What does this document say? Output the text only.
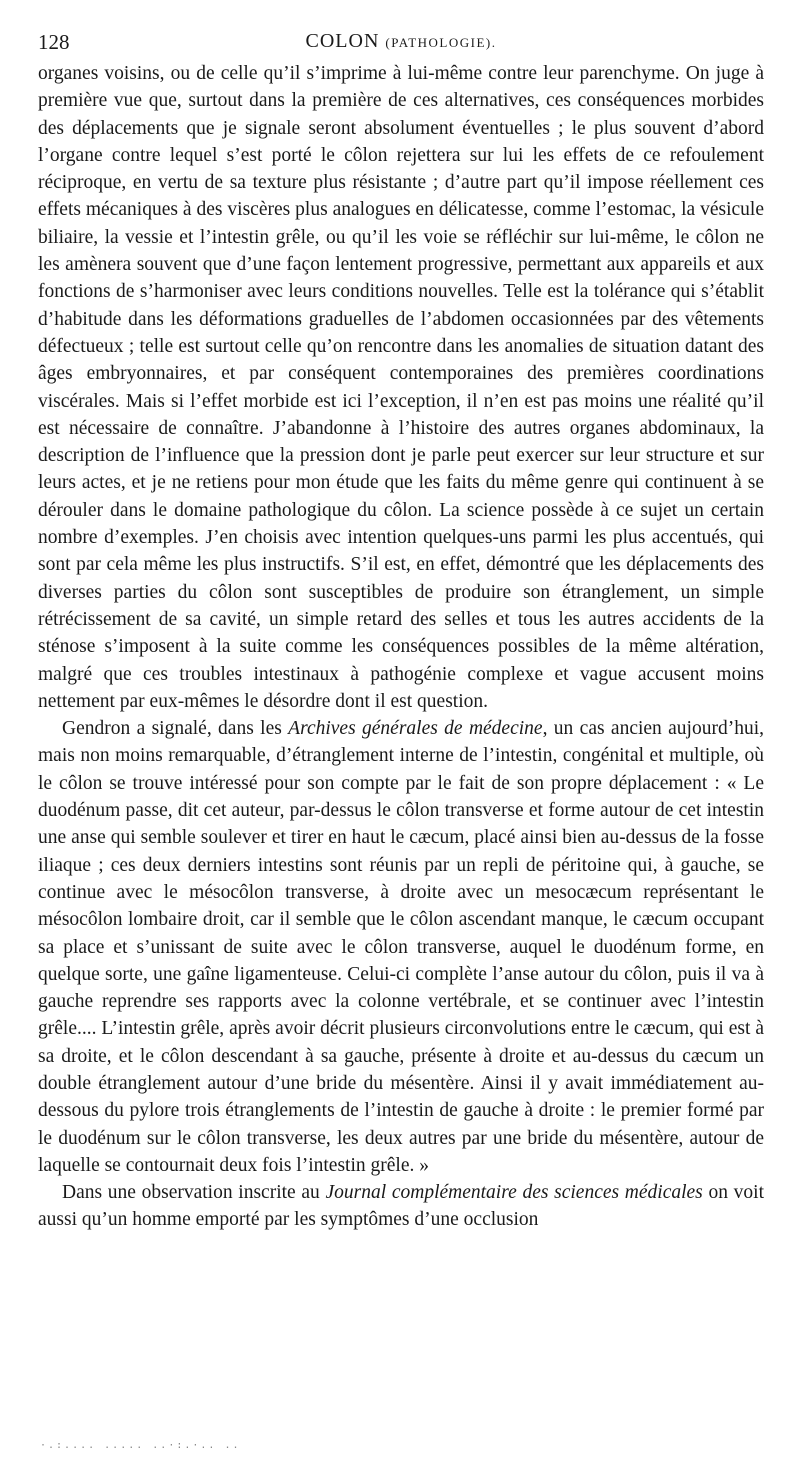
128	COLON (PATHOLOGIE).

organes voisins, ou de celle qu’il s’imprime à lui-même contre leur parenchyme. On juge à première vue que, surtout dans la première de ces alternatives, ces conséquences morbides des déplacements que je signale seront absolument éventuelles ; le plus souvent d’abord l’organe contre lequel s’est porté le côlon rejettera sur lui les effets de ce refoulement réciproque, en vertu de sa texture plus résistante ; d’autre part qu’il impose réellement ces effets mécaniques à des viscères plus analogues en délicatesse, comme l’estomac, la vésicule biliaire, la vessie et l’intestin grêle, ou qu’il les voie se réfléchir sur lui-même, le côlon ne les amènera souvent que d’une façon lentement progressive, permettant aux appareils et aux fonctions de s’harmoniser avec leurs conditions nouvelles. Telle est la tolérance qui s’établit d’habitude dans les déformations graduelles de l’abdomen occasionnées par des vêtements défectueux ; telle est surtout celle qu’on rencontre dans les anomalies de situation datant des âges embryonnaires, et par conséquent contemporaines des premières coordinations viscérales. Mais si l’effet morbide est ici l’exception, il n’en est pas moins une réalité qu’il est nécessaire de connaître. J’abandonne à l’histoire des autres organes abdominaux, la description de l’influence que la pression dont je parle peut exercer sur leur structure et sur leurs actes, et je ne retiens pour mon étude que les faits du même genre qui continuent à se dérouler dans le domaine pathologique du côlon. La science possède à ce sujet un certain nombre d’exemples. J’en choisis avec intention quelques-uns parmi les plus accentués, qui sont par cela même les plus instructifs. S’il est, en effet, démontré que les déplacements des diverses parties du côlon sont susceptibles de produire son étranglement, un simple rétrécissement de sa cavité, un simple retard des selles et tous les autres accidents de la sténose s’imposent à la suite comme les conséquences possibles de la même altération, malgré que ces troubles intestinaux à pathogénie complexe et vague accusent moins nettement par eux-mêmes le désordre dont il est question.

Gendron a signalé, dans les Archives générales de médecine, un cas ancien aujourd’hui, mais non moins remarquable, d’étranglement interne de l’intestin, congénital et multiple, où le côlon se trouve intéressé pour son compte par le fait de son propre déplacement : « Le duodénum passe, dit cet auteur, par-dessus le côlon transverse et forme autour de cet intestin une anse qui semble soulever et tirer en haut le cæcum, placé ainsi bien au-dessus de la fosse iliaque ; ces deux derniers intestins sont réunis par un repli de péritoine qui, à gauche, se continue avec le mésocôlon transverse, à droite avec un mesocæcum représentant le mésocôlon lombaire droit, car il semble que le côlon ascendant manque, le cæcum occupant sa place et s’unissant de suite avec le côlon transverse, auquel le duodénum forme, en quelque sorte, une gaîne ligamenteuse. Celui-ci complète l’anse autour du côlon, puis il va à gauche reprendre ses rapports avec la colonne vertébrale, et se continuer avec l’intestin grêle.... L’intestin grêle, après avoir décrit plusieurs circonvolutions entre le cæcum, qui est à sa droite, et le côlon descendant à sa gauche, présente à droite et au-dessus du cæcum un double étranglement autour d’une bride du mésentère. Ainsi il y avait immédiatement au-dessous du pylore trois étranglements de l’intestin de gauche à droite : le premier formé par le duodénum sur le côlon transverse, les deux autres par une bride du mésentère, autour de laquelle se contournait deux fois l’intestin grêle. »

Dans une observation inscrite au Journal complémentaire des sciences médicales on voit aussi qu’un homme emporté par les symptômes d’une occlusion

·.:.... ..... ..·:.·.. ..
